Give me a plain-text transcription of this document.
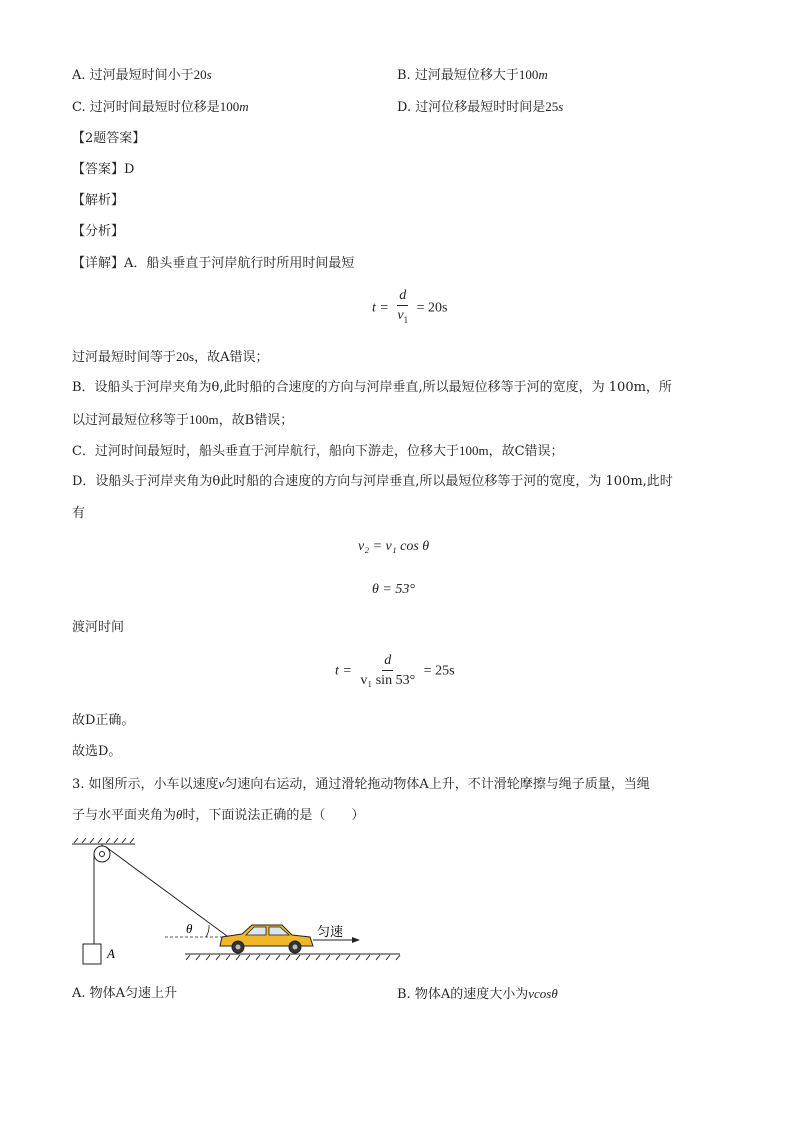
A. 过河最短时间小于20s	B. 过河最短位移大于100m
C. 过河时间最短时位移是100m	D. 过河位移最短时时间是25s
【2题答案】
【答案】D
【解析】
【分析】
【详解】A．船头垂直于河岸航行时所用时间最短
$t = \frac{d}{v_1} = 20s$
过河最短时间等于20s，故A错误；
B．设船头于河岸夹角为θ,此时船的合速度的方向与河岸垂直,所以最短位移等于河的宽度，为 100m，所
以过河最短位移等于100m，故B错误；
C．过河时间最短时，船头垂直于河岸航行，船向下游走，位移大于100m，故C错误；
D．设船头于河岸夹角为θ此时船的合速度的方向与河岸垂直,所以最短位移等于河的宽度，为 100m,此时
有
v₂ = v₁ cos θ
θ = 53°
渡河时间
$t = \frac{d}{\text{v₁ sin 53°}} = 25s$
故D正确。
故选D。
3. 如图所示，小车以速度v匀速向右运动，通过滑轮拖动物体A上升，不计滑轮摩擦与绳子质量，当绳
子与水平面夹角为θ时，下面说法正确的是（　　）
A
θ	匀速
A. 物体A匀速上升	B. 物体A的速度大小为vcosθ
